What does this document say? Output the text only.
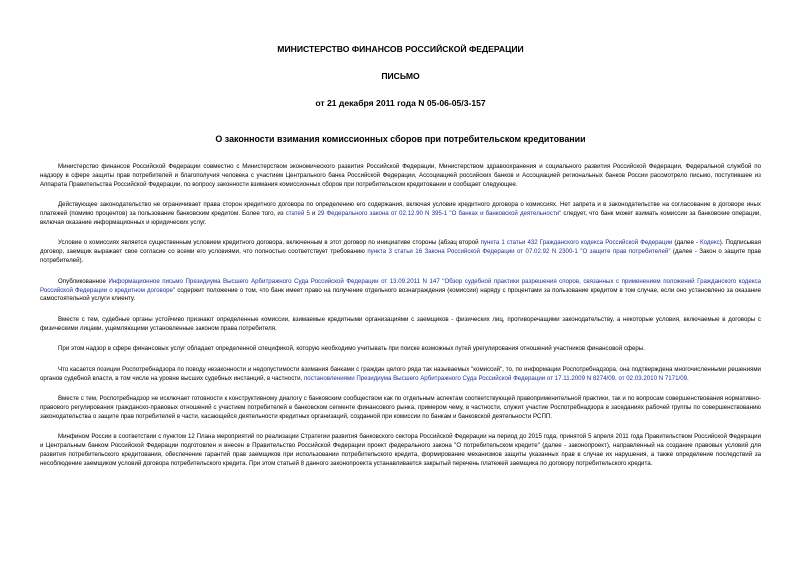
МИНИСТЕРСТВО ФИНАНСОВ РОССИЙСКОЙ ФЕДЕРАЦИИ
ПИСЬМО
от 21 декабря 2011 года N 05-06-05/3-157
О законности взимания комиссионных сборов при потребительском кредитовании

Министерство финансов Российской Федерации совместно с Министерством экономического развития Российской Федерации, Министерством здравоохранения и социального развития Российской Федерации, Федеральной службой по надзору в сфере защиты прав потребителей и благополучия человека с участием Центрального банка Российской Федерации, Ассоциацией российских банков и Ассоциацией региональных банков России рассмотрело письмо, поступившее из Аппарата Правительства Российской Федерации, по вопросу законности взимания комиссионных сборов при потребительском кредитовании и сообщает следующее.

Действующее законодательство не ограничивает права сторон кредитного договора по определению его содержания, включая условие кредитного договора о комиссиях. Нет запрета и в законодательстве на согласование в договоре иных платежей (помимо процентов) за пользование банковским кредитом. Более того, из статей 5 и 29 Федерального закона от 02.12.90 N 395-1 "О банках и банковской деятельности" следует, что банк может взимать комиссии за банковские операции, включая оказание информационных и юридических услуг.

Условие о комиссиях является существенным условием кредитного договора, включенным в этот договор по инициативе стороны (абзац второй пункта 1 статьи 432 Гражданского кодекса Российской Федерации (далее - Кодекс). Подписывая договор, заемщик выражает свое согласие со всеми его условиями, что полностью соответствует требованию пункта 3 статьи 16 Закона Российской Федерации от 07.02.92 N 2300-1 "О защите прав потребителей" (далее - Закон о защите прав потребителей).

Опубликованное Информационное письмо Президиума Высшего Арбитражного Суда Российской Федерации от 13.09.2011 N 147 "Обзор судебной практики разрешения споров, связанных с применением положений Гражданского кодекса Российской Федерации о кредитном договоре" содержит положение о том, что банк имеет право на получение отдельного вознаграждения (комиссии) наряду с процентами за пользование кредитом в том случае, если оно установлено за оказание самостоятельной услуги клиенту.

Вместе с тем, судебные органы устойчиво признают определенные комиссии, взимаемые кредитными организациями с заемщиков - физических лиц, противоречащими законодательству, а некоторые условия, включаемые в договоры с физическими лицами, ущемляющими установленные законом права потребителя.

При этом надзор в сфере финансовых услуг обладает определенной спецификой, которую необходимо учитывать при поиске возможных путей урегулирования отношений участников финансовой сферы.

Что касается позиции Роспотребнадзора по поводу незаконности и недопустимости взимания банками с граждан целого ряда так называемых "комиссий", то, по информации Роспотребнадзора, она подтверждена многочисленными решениями органов судебной власти, в том числе на уровне высших судебных инстанций, в частности, постановлениями Президиума Высшего Арбитражного Суда Российской Федерации от 17.11.2009 N 8274/09, от 02.03.2010 N 7171/09.

Вместе с тем, Роспотребнадзор не исключает готовности к конструктивному диалогу с банковским сообществом как по отдельным аспектам соответствующей правоприменительной практики, так и по вопросам совершенствования нормативно-правового регулирования гражданско-правовых отношений с участием потребителей в банковском сегменте финансового рынка, примером чему, в частности, служит участие Роспотребнадзора в заседаниях рабочей группы по совершенствованию законодательства о защите прав потребителей в части, касающейся деятельности кредитных организаций, созданной при комиссии по банкам и банковской деятельности РСПП.

Минфином России в соответствии с пунктом 12 Плана мероприятий по реализации Стратегии развития банковского сектора Российской Федерации на период до 2015 года, принятой 5 апреля 2011 года Правительством Российской Федерации и Центральным банком Российской Федерации подготовлен и внесен в Правительство Российской Федерации проект федерального закона "О потребительском кредите" (далее - законопроект), направленный на создание правовых условий для развития потребительского кредитования, обеспечение гарантий прав заемщиков при использовании потребительского кредита, формирование механизмов защиты указанных прав в случае их нарушения, а также определение последствий за несоблюдение заемщиком условий договора потребительского кредита. При этом статьей 8 данного законопроекта устанавливается закрытый перечень платежей заемщика по договору потребительского кредита.
